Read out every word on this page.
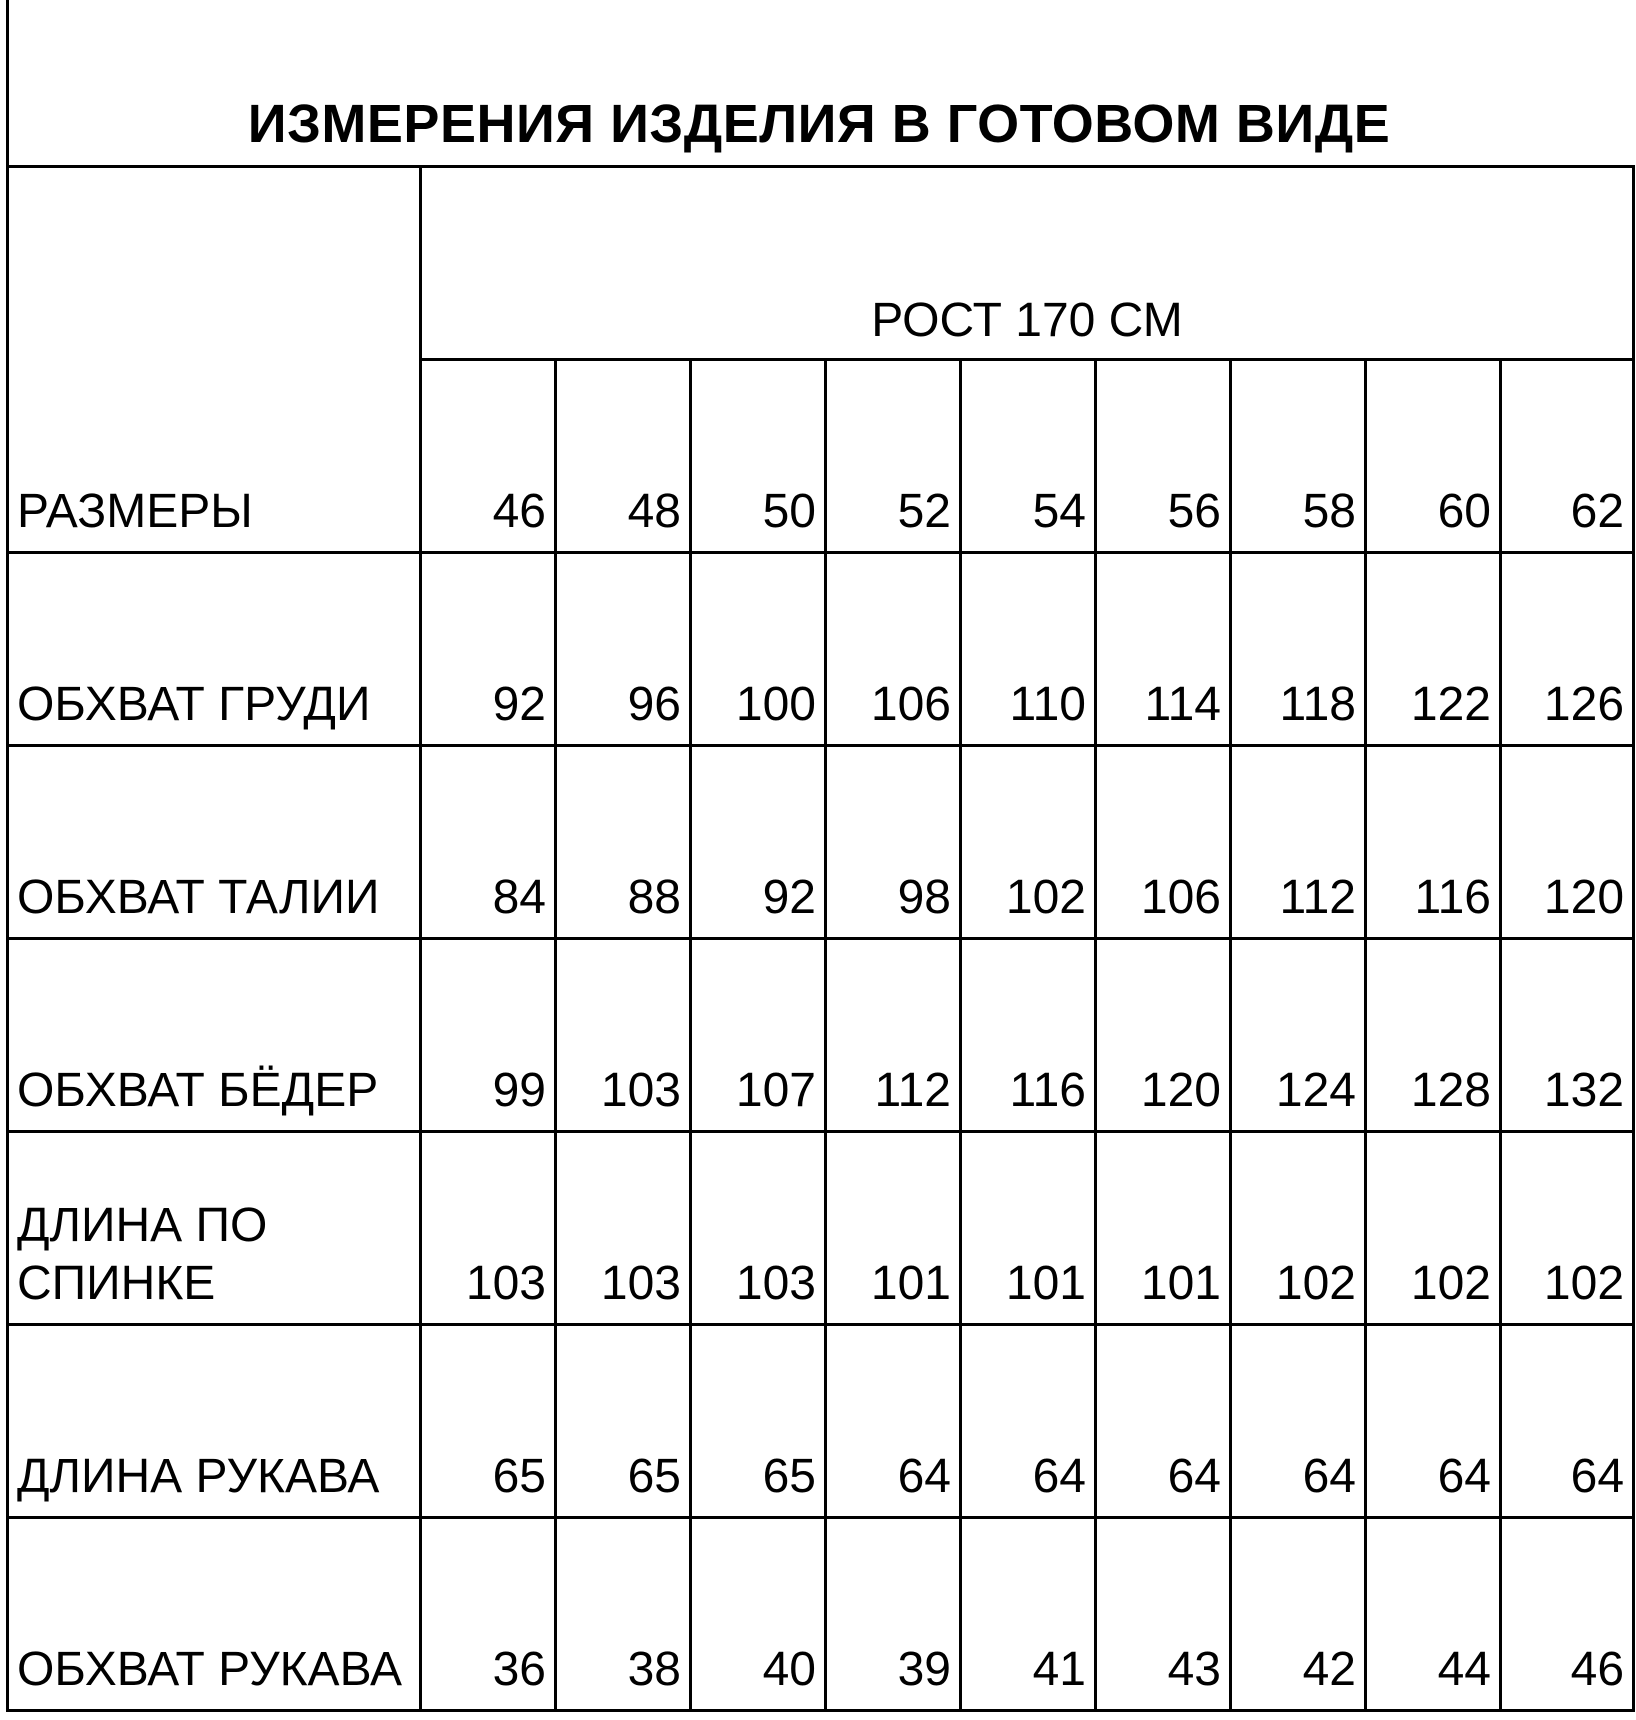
ИЗМЕРЕНИЯ ИЗДЕЛИЯ В ГОТОВОМ ВИДЕ
	РОСТ 170 СМ								
РАЗМЕРЫ	46	48	50	52	54	56	58	60	62
ОБХВАТ ГРУДИ	92	96	100	106	110	114	118	122	126
ОБХВАТ ТАЛИИ	84	88	92	98	102	106	112	116	120
ОБХВАТ БЁДЕР	99	103	107	112	116	120	124	128	132
ДЛИНА ПО СПИНКЕ	103	103	103	101	101	101	102	102	102
ДЛИНА РУКАВА	65	65	65	64	64	64	64	64	64
ОБХВАТ РУКАВА	36	38	40	39	41	43	42	44	46
